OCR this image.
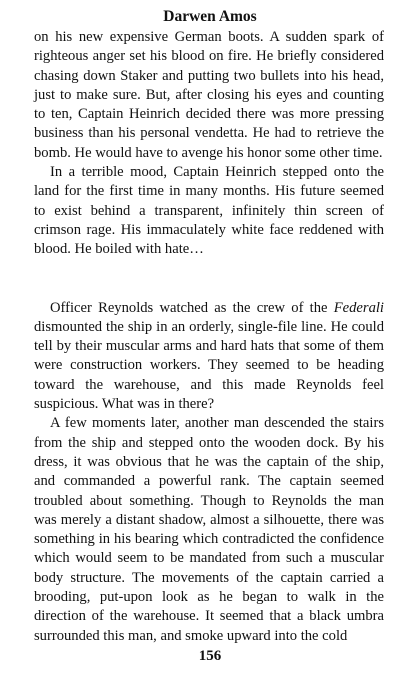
Darwen Amos

on his new expensive German boots. A sudden spark of righteous anger set his blood on fire. He briefly considered chasing down Staker and putting two bullets into his head, just to make sure. But, after closing his eyes and counting to ten, Captain Heinrich decided there was more pressing business than his personal vendetta. He had to retrieve the bomb. He would have to avenge his honor some other time.

In a terrible mood, Captain Heinrich stepped onto the land for the first time in many months. His future seemed to exist behind a transparent, infinitely thin screen of crimson rage. His immaculately white face reddened with blood. He boiled with hate…

Officer Reynolds watched as the crew of the Federali dismounted the ship in an orderly, single-file line. He could tell by their muscular arms and hard hats that some of them were construction workers. They seemed to be heading toward the warehouse, and this made Reynolds feel suspicious. What was in there?

A few moments later, another man descended the stairs from the ship and stepped onto the wooden dock. By his dress, it was obvious that he was the captain of the ship, and commanded a powerful rank. The captain seemed troubled about something. Though to Reynolds the man was merely a distant shadow, almost a silhouette, there was something in his bearing which contradicted the confidence which would seem to be mandated from such a muscular body structure. The movements of the captain carried a brooding, put-upon look as he began to walk in the direction of the warehouse. It seemed that a black umbra surrounded this man, and smoke upward into the cold

156
